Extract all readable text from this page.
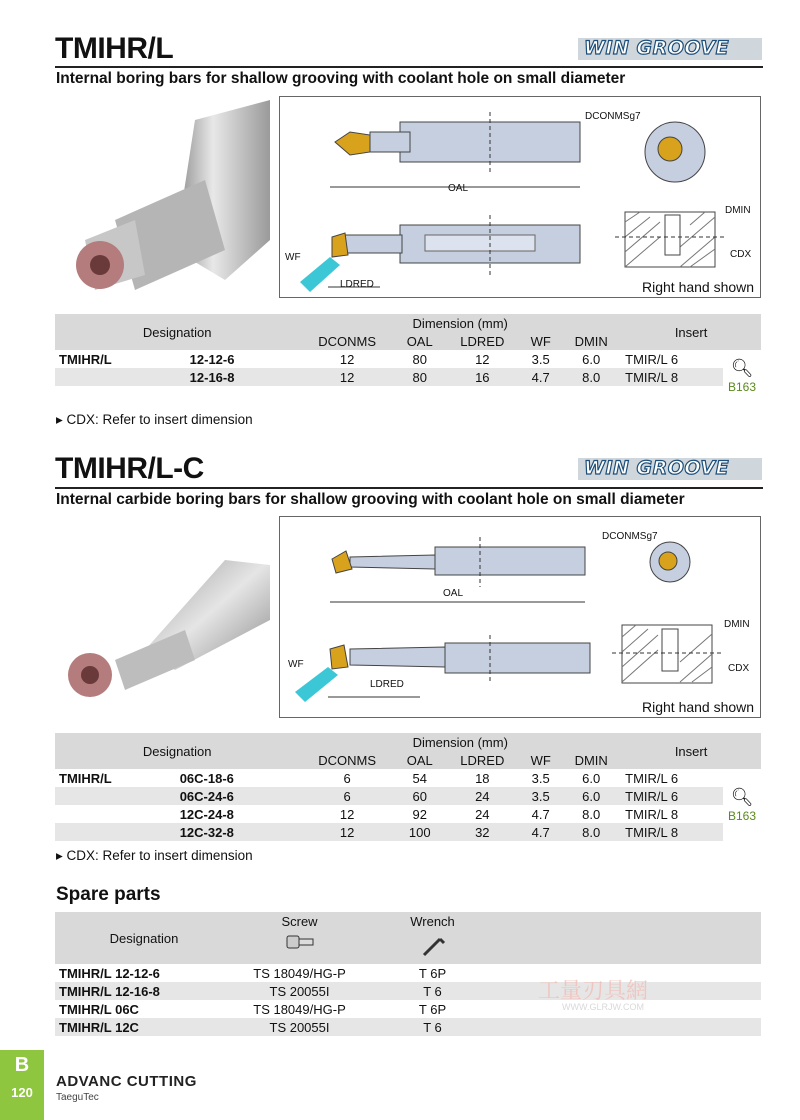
TMIHR/L	WIN GROOVE
Internal boring bars for shallow grooving with coolant hole on small diameter
DCONMSg7
OAL
WF
LDRED
DMIN
CDX
Right hand shown
Designation		Dimension (mm)					Insert	
		DCONMS	OAL	LDRED	WF	DMIN		
TMIHR/L	12-12-6	12	80	12	3.5	6.0	TMIR/L 6	🔍︎
B163
	12-16-8	12	80	16	4.7	8.0	TMIR/L 8	

▸ CDX: Refer to insert dimension
TMIHR/L-C	WIN GROOVE
Internal carbide boring bars for shallow grooving with coolant hole on small diameter
DCONMSg7
OAL
WF
LDRED
DMIN
CDX
Right hand shown
Designation		Dimension (mm)					Insert	
		DCONMS	OAL	LDRED	WF	DMIN		
TMIHR/L	06C-18-6	6	54	18	3.5	6.0	TMIR/L 6	🔍︎
B163
	06C-24-6	6	60	24	3.5	6.0	TMIR/L 6	
	12C-24-8	12	92	24	4.7	8.0	TMIR/L 8	
	12C-32-8	12	100	32	4.7	8.0	TMIR/L 8	
▸ CDX: Refer to insert dimension
Spare parts
Designation	Screw	Wrench		

TMIHR/L 12-12-6	TS 18049/HG-P	T 6P		
TMIHR/L 12-16-8	TS 20055I	T 6		
TMIHR/L 06C	TS 18049/HG-P	T 6P		
TMIHR/L 12C	TS 20055I	T 6		
工量刃具網
WWW.GLRJW.COM
B
120
ADVANC CUTTING
TaeguTec
